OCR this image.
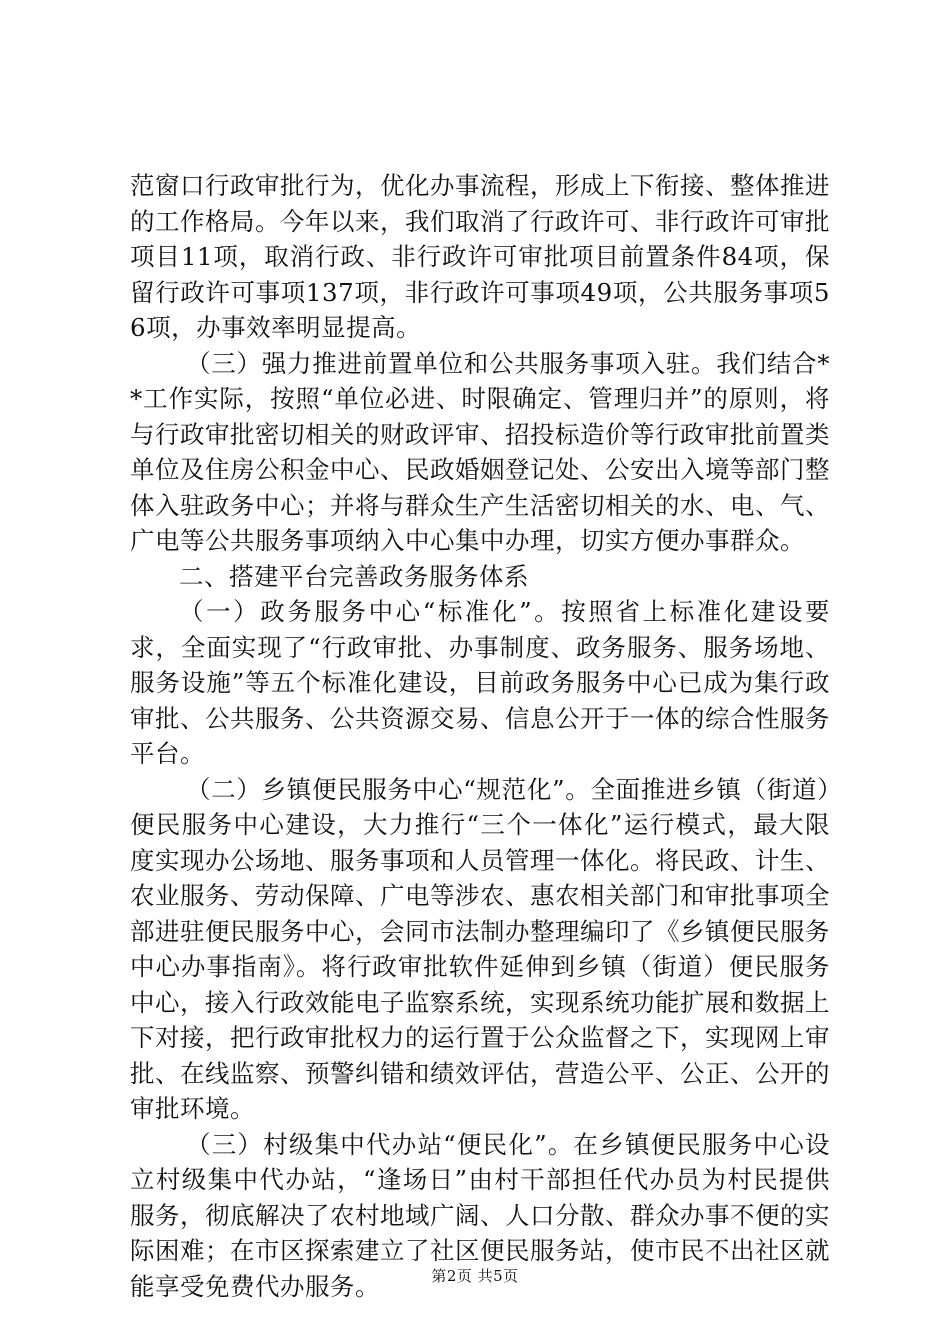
范窗口行政审批行为，优化办事流程，形成上下衔接、整体推进的工作格局。今年以来，我们取消了行政许可、非行政许可审批项目11项，取消行政、非行政许可审批项目前置条件84项，保留行政许可事项137项，非行政许可事项49项，公共服务事项56项，办事效率明显提高。

（三）强力推进前置单位和公共服务事项入驻。我们结合**工作实际，按照“单位必进、时限确定、管理归并”的原则，将与行政审批密切相关的财政评审、招投标造价等行政审批前置类单位及住房公积金中心、民政婚姻登记处、公安出入境等部门整体入驻政务中心；并将与群众生产生活密切相关的水、电、气、广电等公共服务事项纳入中心集中办理，切实方便办事群众。

二、搭建平台完善政务服务体系

（一）政务服务中心“标准化”。按照省上标准化建设要求，全面实现了“行政审批、办事制度、政务服务、服务场地、服务设施”等五个标准化建设，目前政务服务中心已成为集行政审批、公共服务、公共资源交易、信息公开于一体的综合性服务平台。

（二）乡镇便民服务中心“规范化”。全面推进乡镇（街道）便民服务中心建设，大力推行“三个一体化”运行模式，最大限度实现办公场地、服务事项和人员管理一体化。将民政、计生、农业服务、劳动保障、广电等涉农、惠农相关部门和审批事项全部进驻便民服务中心，会同市法制办整理编印了《乡镇便民服务中心办事指南》。将行政审批软件延伸到乡镇（街道）便民服务中心，接入行政效能电子监察系统，实现系统功能扩展和数据上下对接，把行政审批权力的运行置于公众监督之下，实现网上审批、在线监察、预警纠错和绩效评估，营造公平、公正、公开的审批环境。

（三）村级集中代办站“便民化”。在乡镇便民服务中心设立村级集中代办站，“逢场日”由村干部担任代办员为村民提供服务，彻底解决了农村地域广阔、人口分散、群众办事不便的实际困难；在市区探索建立了社区便民服务站，使市民不出社区就能享受免费代办服务。	第2页 共5页
